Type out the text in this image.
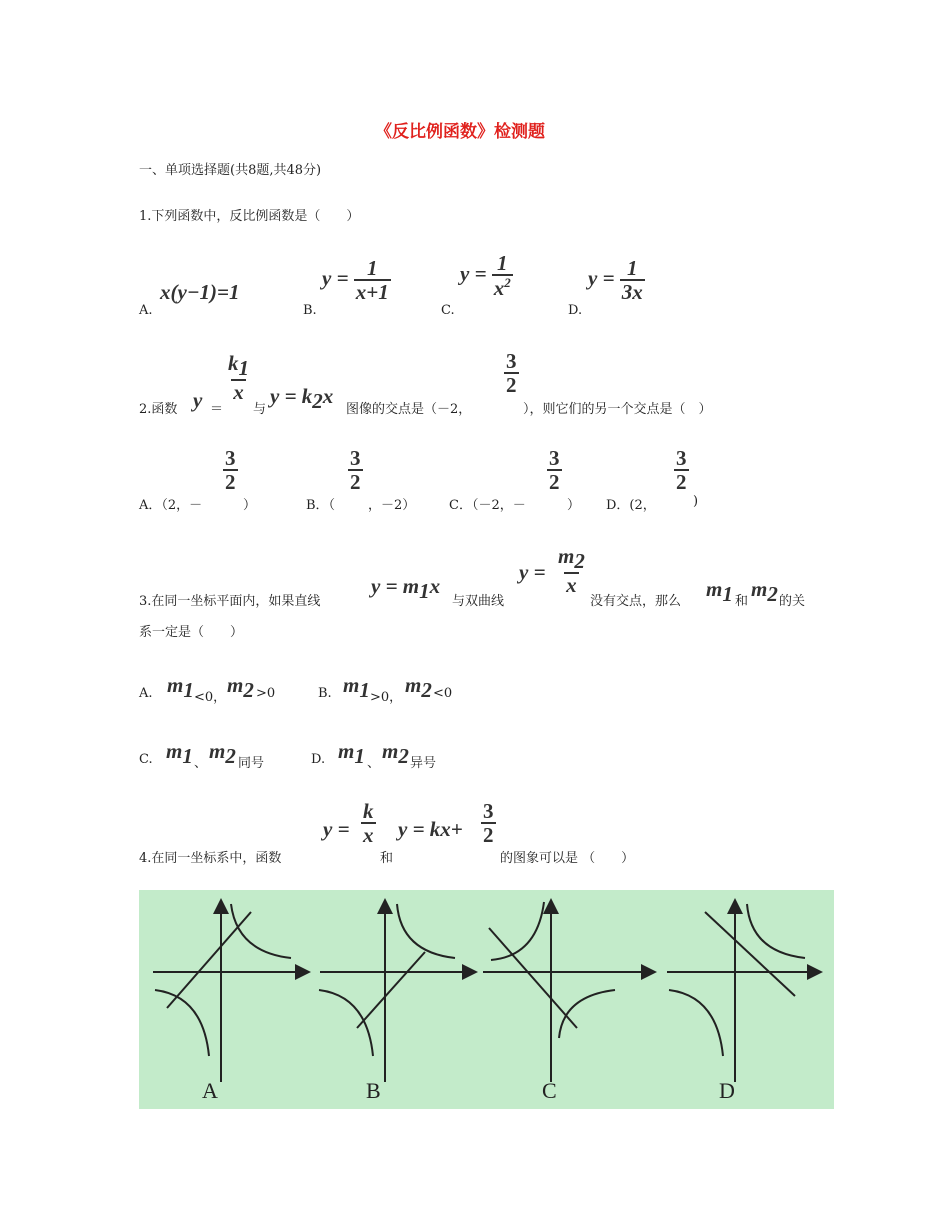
《反比例函数》检测题
一、单项选择题(共8题,共48分)
1.下列函数中，反比例函数是（　　）
A.
x(y−1)=1
B.
$y = \frac{1}{x+1}$
C.
$y = \frac{1}{x^2}$
D.
$y = \frac{1}{3x}$
2.函数 y ＝
$\frac{k_1}{x}$
与
$y = k_2x$
图像的交点是（－2，
$\frac{3}{2}$
），则它们的另一个交点是（　）
A．（2，－
$\frac{3}{2}$
）	B．（
$\frac{3}{2}$
，－2）	C．（－2，－
$\frac{3}{2}$
） D．(2，
$\frac{3}{2}$
)
3.在同一坐标平面内，如果直线
$y = m_1x$
与双曲线
$y = \frac{m_2}{x}$
没有交点，那么
$m_1$ 和
$m_2$ 的关
系一定是（　　）
A. $m_1 <0$，
$m_2 >0$	B. $m_1 >0$，
$m_2 <0$
C. $m_1$ 、
$m_2$ 同号	D. $m_1$ 、
$m_2$ 异号
4.在同一坐标系中，函数
$y = \frac{k}{x}$
和
$y = kx+ \frac{3}{2}$
的图象可以是 （　　）
A	B	C	D
